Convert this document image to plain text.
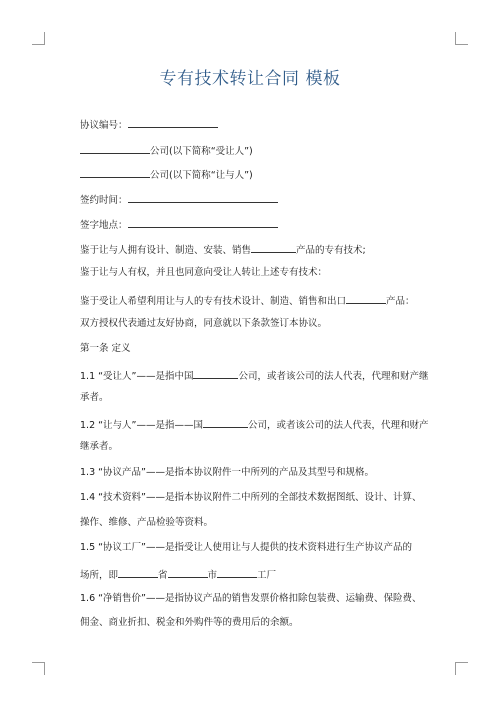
专有技术转让合同 模板
协议编号：
公司(以下简称“受让人”)
公司(以下简称“让与人”)
签约时间：
签字地点：
鉴于让与人拥有设计、制造、安装、销售	产品的专有技术;
鉴于让与人有权，并且也同意向受让人转让上述专有技术：
鉴于受让人希望利用让与人的专有技术设计、制造、销售和出口	产品：
双方授权代表通过友好协商，同意就以下条款签订本协议。
第一条 定义
1.1 “受让人”——是指中国	公司，或者该公司的法人代表，代理和财产继
承者。
1.2 “让与人”——是指——国	公司，或者该公司的法人代表，代理和财产
继承者。
1.3 “协议产品”——是指本协议附件一中所列的产品及其型号和规格。
1.4 “技术资料”——是指本协议附件二中所列的全部技术数据图纸、设计、计算、
操作、维修、产品检验等资料。
1.5 “协议工厂”——是指受让人使用让与人提供的技术资料进行生产协议产品的
场所，即	省	市	工厂
1.6 “净销售价”——是指协议产品的销售发票价格扣除包装费、运输费、保险费、
佣金、商业折扣、税金和外购件等的费用后的余额。
